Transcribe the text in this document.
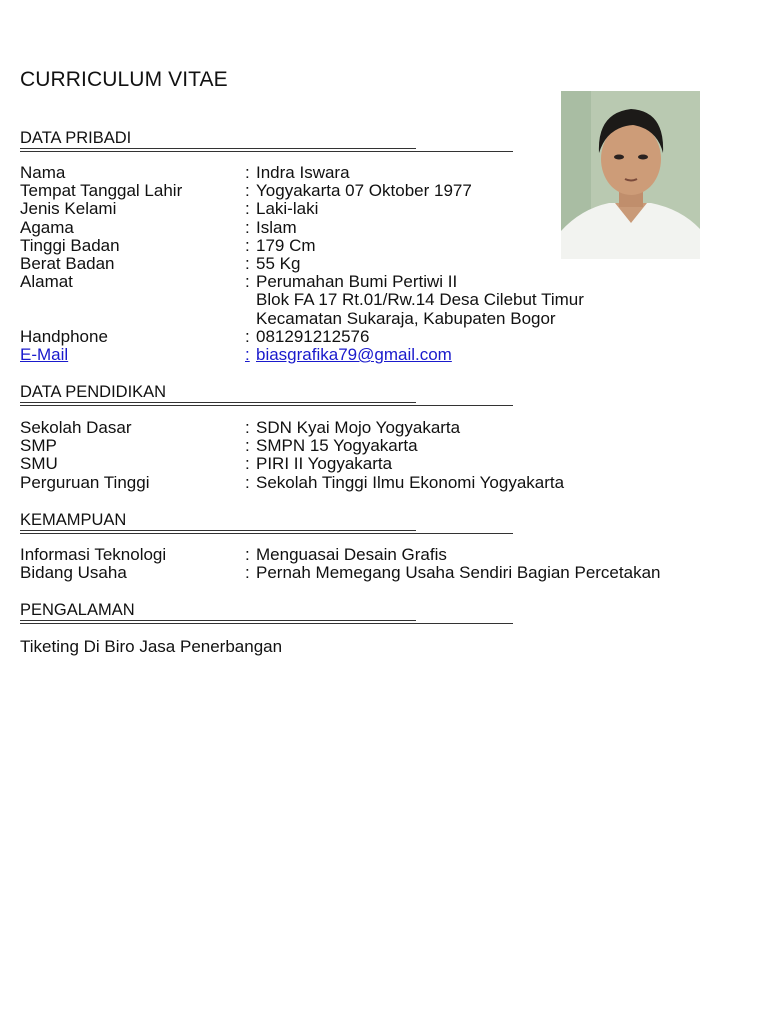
CURRICULUM VITAE
DATA PRIBADI
Nama	: Indra Iswara
Tempat Tanggal Lahir	: Yogyakarta 07 Oktober 1977
Jenis Kelami	: Laki-laki
Agama	: Islam
Tinggi Badan	: 179 Cm
Berat Badan	: 55 Kg
Alamat	: Perumahan Bumi Pertiwi II
Blok FA 17 Rt.01/Rw.14 Desa Cilebut Timur
Kecamatan Sukaraja, Kabupaten Bogor
Handphone	: 081291212576
E-Mail	: biasgrafika79@gmail.com
DATA PENDIDIKAN
Sekolah Dasar	: SDN Kyai Mojo Yogyakarta
SMP	: SMPN 15 Yogyakarta
SMU	: PIRI II Yogyakarta
Perguruan Tinggi	: Sekolah Tinggi Ilmu Ekonomi Yogyakarta
KEMAMPUAN
Informasi Teknologi	: Menguasai Desain Grafis
Bidang Usaha	: Pernah Memegang Usaha Sendiri Bagian Percetakan
PENGALAMAN
Tiketing Di Biro Jasa Penerbangan
